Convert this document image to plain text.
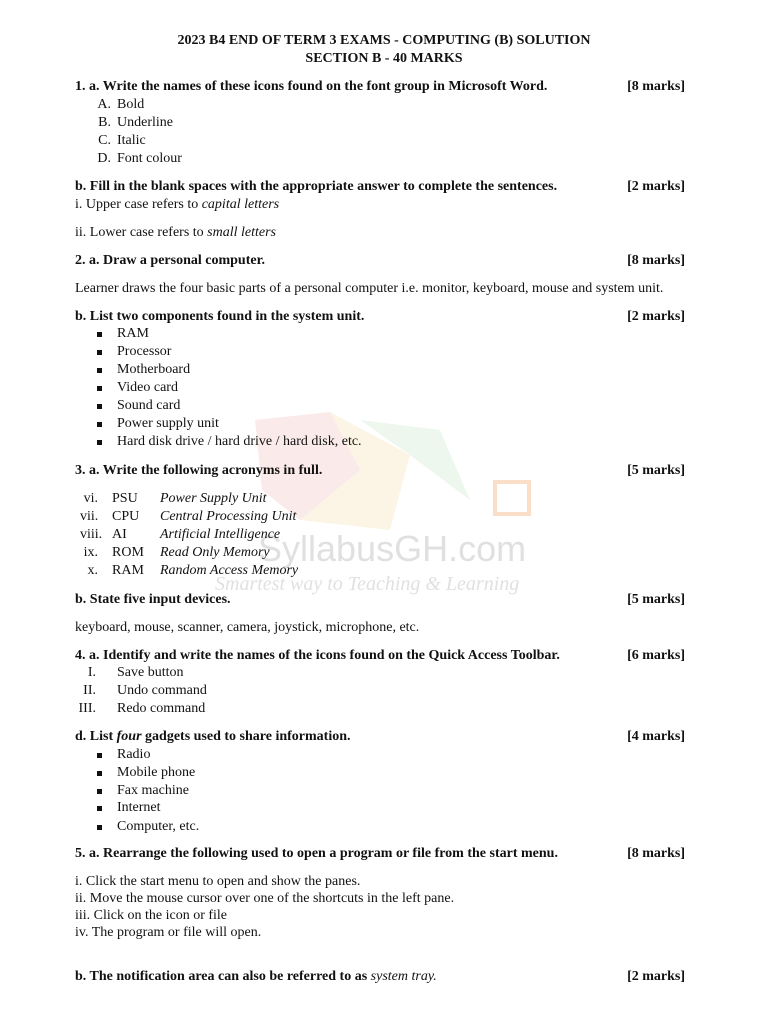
SyllabusGH.com
Smartest way to Teaching & Learning
2023 B4 END OF TERM 3 EXAMS - COMPUTING (B) SOLUTION
SECTION B - 40 MARKS
1. a. Write the names of these icons found on the font group in Microsoft Word.	[8 marks]
A. Bold
B. Underline
C. Italic
D. Font colour
b. Fill in the blank spaces with the appropriate answer to complete the sentences.	[2 marks]
i. Upper case refers to capital letters
ii. Lower case refers to small letters
2. a. Draw a personal computer.	[8 marks]
Learner draws the four basic parts of a personal computer i.e. monitor, keyboard, mouse and system unit.
b. List two components found in the system unit.	[2 marks]
RAM
Processor
Motherboard
Video card
Sound card
Power supply unit
Hard disk drive / hard drive / hard disk, etc.
3. a. Write the following acronyms in full.	[5 marks]
vi. PSU Power Supply Unit
vii. CPU Central Processing Unit
viii. AI Artificial Intelligence
ix. ROM Read Only Memory
x. RAM Random Access Memory
b. State five input devices.	[5 marks]
keyboard, mouse, scanner, camera, joystick, microphone, etc.
4. a. Identify and write the names of the icons found on the Quick Access Toolbar.	[6 marks]
I. Save button
II. Undo command
III. Redo command
d. List four gadgets used to share information.	[4 marks]
Radio
Mobile phone
Fax machine
Internet
Computer, etc.
5. a. Rearrange the following used to open a program or file from the start menu.	[8 marks]
i. Click the start menu to open and show the panes.
ii. Move the mouse cursor over one of the shortcuts in the left pane.
iii. Click on the icon or file
iv. The program or file will open.
b. The notification area can also be referred to as system tray.	[2 marks]
